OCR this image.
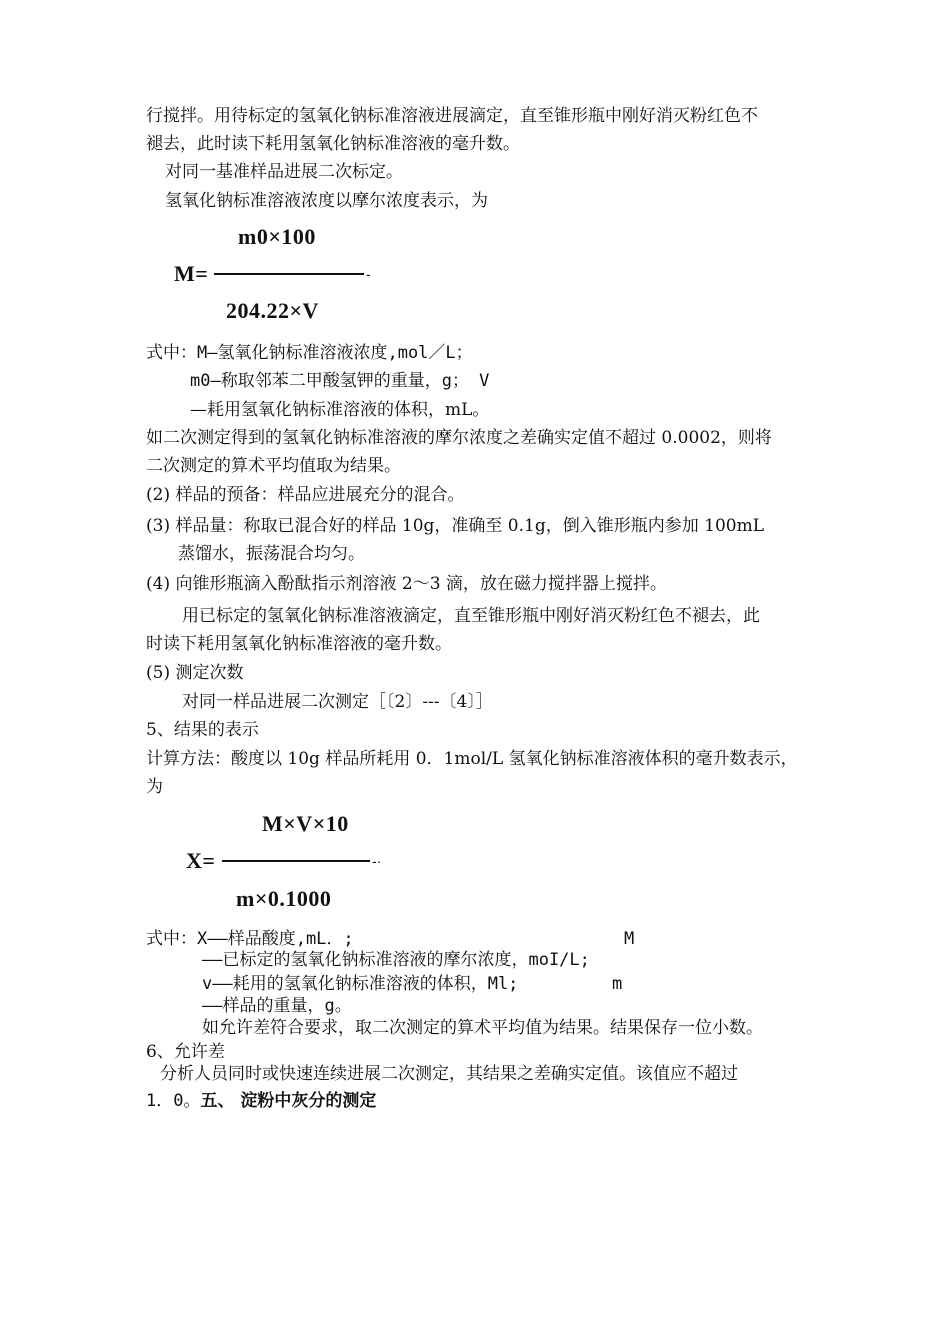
行搅拌。用待标定的氢氧化钠标准溶液进展滴定，直至锥形瓶中刚好消灭粉红色不
褪去，此时读下耗用氢氧化钠标准溶液的毫升数。
对同一基准样品进展二次标定。
氢氧化钠标准溶液浓度以摩尔浓度表示，为
m0×100
M=	-
204.22×V
式中：M—氢氧化钠标准溶液浓度,mol／L；
m0—称取邻苯二甲酸氢钾的重量，g； V
—耗用氢氧化钠标准溶液的体积，mL。
如二次测定得到的氢氧化钠标准溶液的摩尔浓度之差确实定值不超过 0.0002，则将
二次测定的算术平均值取为结果。
(2) 样品的预备：样品应进展充分的混合。
(3) 样品量：称取已混合好的样品 10g，准确至 0.1g，倒入锥形瓶内参加 100mL
蒸馏水，振荡混合均匀。
(4) 向锥形瓶滴入酚酞指示剂溶液 2～3 滴，放在磁力搅拌器上搅拌。
用已标定的氢氧化钠标准溶液滴定，直至锥形瓶中刚好消灭粉红色不褪去，此
时读下耗用氢氧化钠标准溶液的毫升数。
(5) 测定次数
对同一样品进展二次测定［〔2〕---〔4〕］
5、结果的表示
计算方法：酸度以 10g 样品所耗用 0．1mol/L 氢氧化钠标准溶液体积的毫升数表示，
为
M×V×10
X=	-·
m×0.1000
式中：X——样品酸度,mL．;	M
——已标定的氢氧化钠标准溶液的摩尔浓度，moI/L;
v——耗用的氢氧化钠标准溶液的体积，Ml;	m
——样品的重量，g。
如允许差符合要求，取二次测定的算术平均值为结果。结果保存一位小数。
6、允许差
分析人员同时或快速连续进展二次测定，其结果之差确实定值。该值应不超过
1．0。五、 淀粉中灰分的测定
